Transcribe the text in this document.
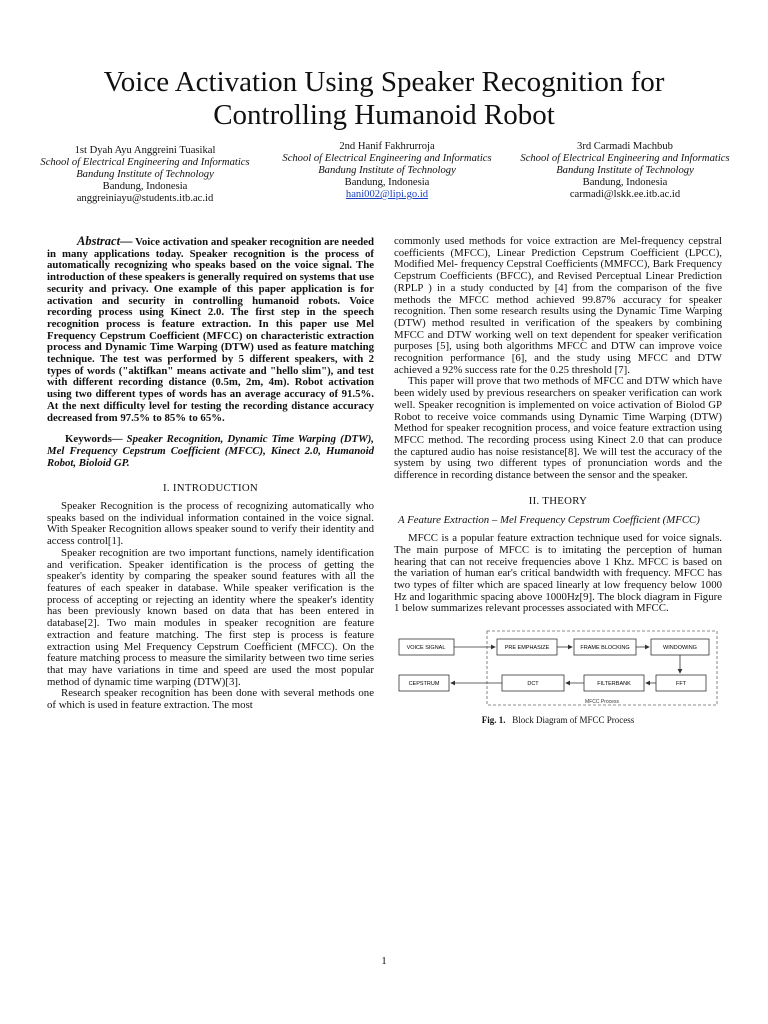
Voice Activation Using Speaker Recognition for
Controlling Humanoid Robot
1st Dyah Ayu Anggreini Tuasikal
School of Electrical Engineering and Informatics
Bandung Institute of Technology
Bandung, Indonesia
anggreiniayu@students.itb.ac.id
2nd Hanif Fakhrurroja
School of Electrical Engineering and Informatics
Bandung Institute of Technology
Bandung, Indonesia
hani002@lipi.go.id
3rd Carmadi Machbub
School of Electrical Engineering and Informatics
Bandung Institute of Technology
Bandung, Indonesia
carmadi@lskk.ee.itb.ac.id

Abstract— Voice activation and speaker recognition are needed in many applications today. Speaker recognition is the process of automatically recognizing who speaks based on the voice signal. The introduction of these speakers is generally required on systems that use security and privacy. One example of this paper application is for activation and security in controlling humanoid robots. Voice recording process using Kinect 2.0. The first step in the speech recognition process is feature extraction. In this paper use Mel Frequency Cepstrum Coefficient (MFCC) on characteristic extraction process and Dynamic Time Warping (DTW) used as feature matching technique. The test was performed by 5 different speakers, with 2 types of words ("aktifkan" means activate and "hello slim"), and test with different recording distance (0.5m, 2m, 4m). Robot activation using two different types of words has an average accuracy of 91.5%. At the next difficulty level for testing the recording distance accuracy decreased from 97.5% to 85% to 65%.

Keywords— Speaker Recognition, Dynamic Time Warping (DTW), Mel Frequency Cepstrum Coefficient (MFCC), Kinect 2.0, Humanoid Robot, Bioloid GP.

I. INTRODUCTION

Speaker Recognition is the process of recognizing automatically who speaks based on the individual information contained in the voice signal. With Speaker Recognition allows speaker sound to verify their identity and access control[1].

Speaker recognition are two important functions, namely identification and verification. Speaker identification is the process of getting the speaker's identity by comparing the speaker sound features with all the features of each speaker in database. While speaker verification is the process of accepting or rejecting an identity where the speaker's identity has been previously known based on data that has been entered in database[2]. Two main modules in speaker recognition are feature extraction and feature matching. The first step is process is feature extraction using Mel Frequency Cepstrum Coefficient (MFCC). On the feature matching process to measure the similarity between two time series that may have variations in time and speed are used the most popular method of dynamic time warping (DTW)[3].

Research speaker recognition has been done with several methods one of which is used in feature extraction. The most

commonly used methods for voice extraction are Mel-frequency cepstral coefficients (MFCC), Linear Prediction Cepstrum Coefficient (LPCC), Modified Mel- frequency Cepstral Coefficients (MMFCC), Bark Frequency Cepstrum Coefficients (BFCC), and Revised Perceptual Linear Prediction (RPLP ) in a study conducted by [4] from the comparison of the five methods the MFCC method achieved 99.87% accuracy for speaker recognition. Then some research results using the Dynamic Time Warping (DTW) method resulted in verification of the speakers by combining MFCC and DTW working well on text dependent for speaker verification purposes [5], using both algorithms MFCC and DTW can improve voice recognition performance [6], and the study using MFCC and DTW achieved a 92% success rate for the 0.25 threshold [7].

This paper will prove that two methods of MFCC and DTW which have been widely used by previous researchers on speaker verification can work well. Speaker recognition is implemented on voice activation of Biolod GP Robot to receive voice commands using Dynamic Time Warping (DTW) Method for speaker recognition process, and voice feature extraction using MFCC method. The recording process using Kinect 2.0 that can produce the captured audio has noise resistance[8]. We will test the accuracy of the system by using two different types of pronunciation words and the difference in recording distance between the sensor and the speaker.

II. THEORY

A Feature Extraction – Mel Frequency Cepstrum Coefficient (MFCC)

MFCC is a popular feature extraction technique used for voice signals. The main purpose of MFCC is to imitating the perception of human hearing that can not receive frequencies above 1 Khz. MFCC is based on the variation of human ear's critical bandwidth with frequency. MFCC has two types of filter which are spaced linearly at low frequency below 1000 Hz and logarithmic spacing above 1000Hz[9]. The block diagram in Figure 1 below summarizes relevant processes associated with MFCC.

MFCC Process
VOICE SIGNAL	PRE EMPHASIZE	FRAME BLOCKING	WINDOWING
CEPSTRUM	DCT	FILTERBANK	FFT

Fig. 1. Block Diagram of MFCC Process

1
